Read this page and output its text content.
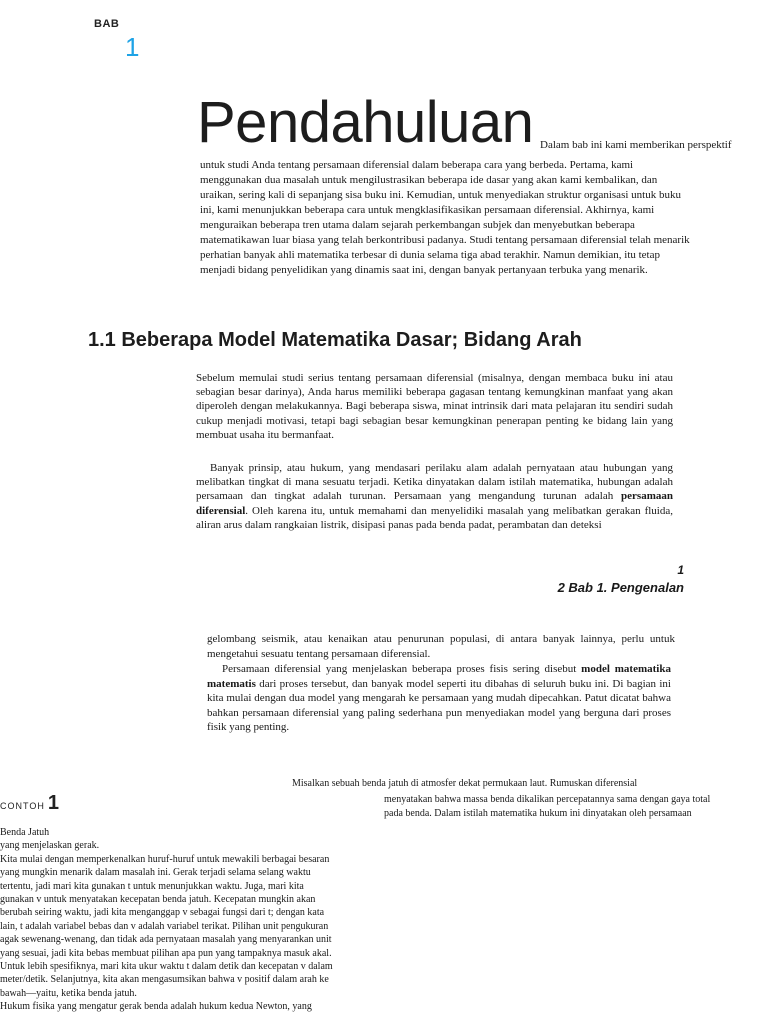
BAB
1
Pendahuluan Dalam bab ini kami memberikan perspektif
untuk studi Anda tentang persamaan diferensial dalam beberapa cara yang berbeda. Pertama, kami
menggunakan dua masalah untuk mengilustrasikan beberapa ide dasar yang akan kami kembalikan, dan
uraikan, sering kali di sepanjang sisa buku ini. Kemudian, untuk menyediakan struktur organisasi untuk buku
ini, kami menunjukkan beberapa cara untuk mengklasifikasikan persamaan diferensial. Akhirnya, kami
menguraikan beberapa tren utama dalam sejarah perkembangan subjek dan menyebutkan beberapa
matematikawan luar biasa yang telah berkontribusi padanya. Studi tentang persamaan diferensial telah menarik
perhatian banyak ahli matematika terbesar di dunia selama tiga abad terakhir. Namun demikian, itu tetap
menjadi bidang penyelidikan yang dinamis saat ini, dengan banyak pertanyaan terbuka yang menarik.
1.1 Beberapa Model Matematika Dasar; Bidang Arah
Sebelum memulai studi serius tentang persamaan diferensial (misalnya, dengan membaca buku ini atau sebagian besar darinya), Anda harus memiliki beberapa gagasan tentang kemungkinan manfaat yang akan diperoleh dengan melakukannya. Bagi beberapa siswa, minat intrinsik dari mata pelajaran itu sendiri sudah cukup menjadi motivasi, tetapi bagi sebagian besar kemungkinan penerapan penting ke bidang lain yang membuat usaha itu bermanfaat.
Banyak prinsip, atau hukum, yang mendasari perilaku alam adalah pernyataan atau hubungan yang melibatkan tingkat di mana sesuatu terjadi. Ketika dinyatakan dalam istilah matematika, hubungan adalah persamaan dan tingkat adalah turunan. Persamaan yang mengandung turunan adalah persamaan diferensial. Oleh karena itu, untuk memahami dan menyelidiki masalah yang melibatkan gerakan fluida, aliran arus dalam rangkaian listrik, disipasi panas pada benda padat, perambatan dan deteksi
1
2 Bab 1. Pengenalan
gelombang seismik, atau kenaikan atau penurunan populasi, di antara banyak lainnya, perlu untuk mengetahui sesuatu tentang persamaan diferensial.
Persamaan diferensial yang menjelaskan beberapa proses fisis sering disebut model matematika matematis dari proses tersebut, dan banyak model seperti itu dibahas di seluruh buku ini. Di bagian ini kita mulai dengan dua model yang mengarah ke persamaan yang mudah dipecahkan. Patut dicatat bahwa bahkan persamaan diferensial yang paling sederhana pun menyediakan model yang berguna dari proses fisik yang penting.
Misalkan sebuah benda jatuh di atmosfer dekat permukaan laut. Rumuskan diferensial
menyatakan bahwa massa benda dikalikan percepatannya sama dengan gaya total
pada benda. Dalam istilah matematika hukum ini dinyatakan oleh persamaan
CONTOH 1
Benda Jatuh
yang menjelaskan gerak.
Kita mulai dengan memperkenalkan huruf-huruf untuk mewakili berbagai besaran
yang mungkin menarik dalam masalah ini. Gerak terjadi selama selang waktu
tertentu, jadi mari kita gunakan t untuk menunjukkan waktu. Juga, mari kita
gunakan v untuk menyatakan kecepatan benda jatuh. Kecepatan mungkin akan
berubah seiring waktu, jadi kita menganggap v sebagai fungsi dari t; dengan kata
lain, t adalah variabel bebas dan v adalah variabel terikat. Pilihan unit pengukuran
agak sewenang-wenang, dan tidak ada pernyataan masalah yang menyarankan unit
yang sesuai, jadi kita bebas membuat pilihan apa pun yang tampaknya masuk akal.
Untuk lebih spesifiknya, mari kita ukur waktu t dalam detik dan kecepatan v dalam
meter/detik. Selanjutnya, kita akan mengasumsikan bahwa v positif dalam arah ke
bawah—yaitu, ketika benda jatuh.
Hukum fisika yang mengatur gerak benda adalah hukum kedua Newton, yang
